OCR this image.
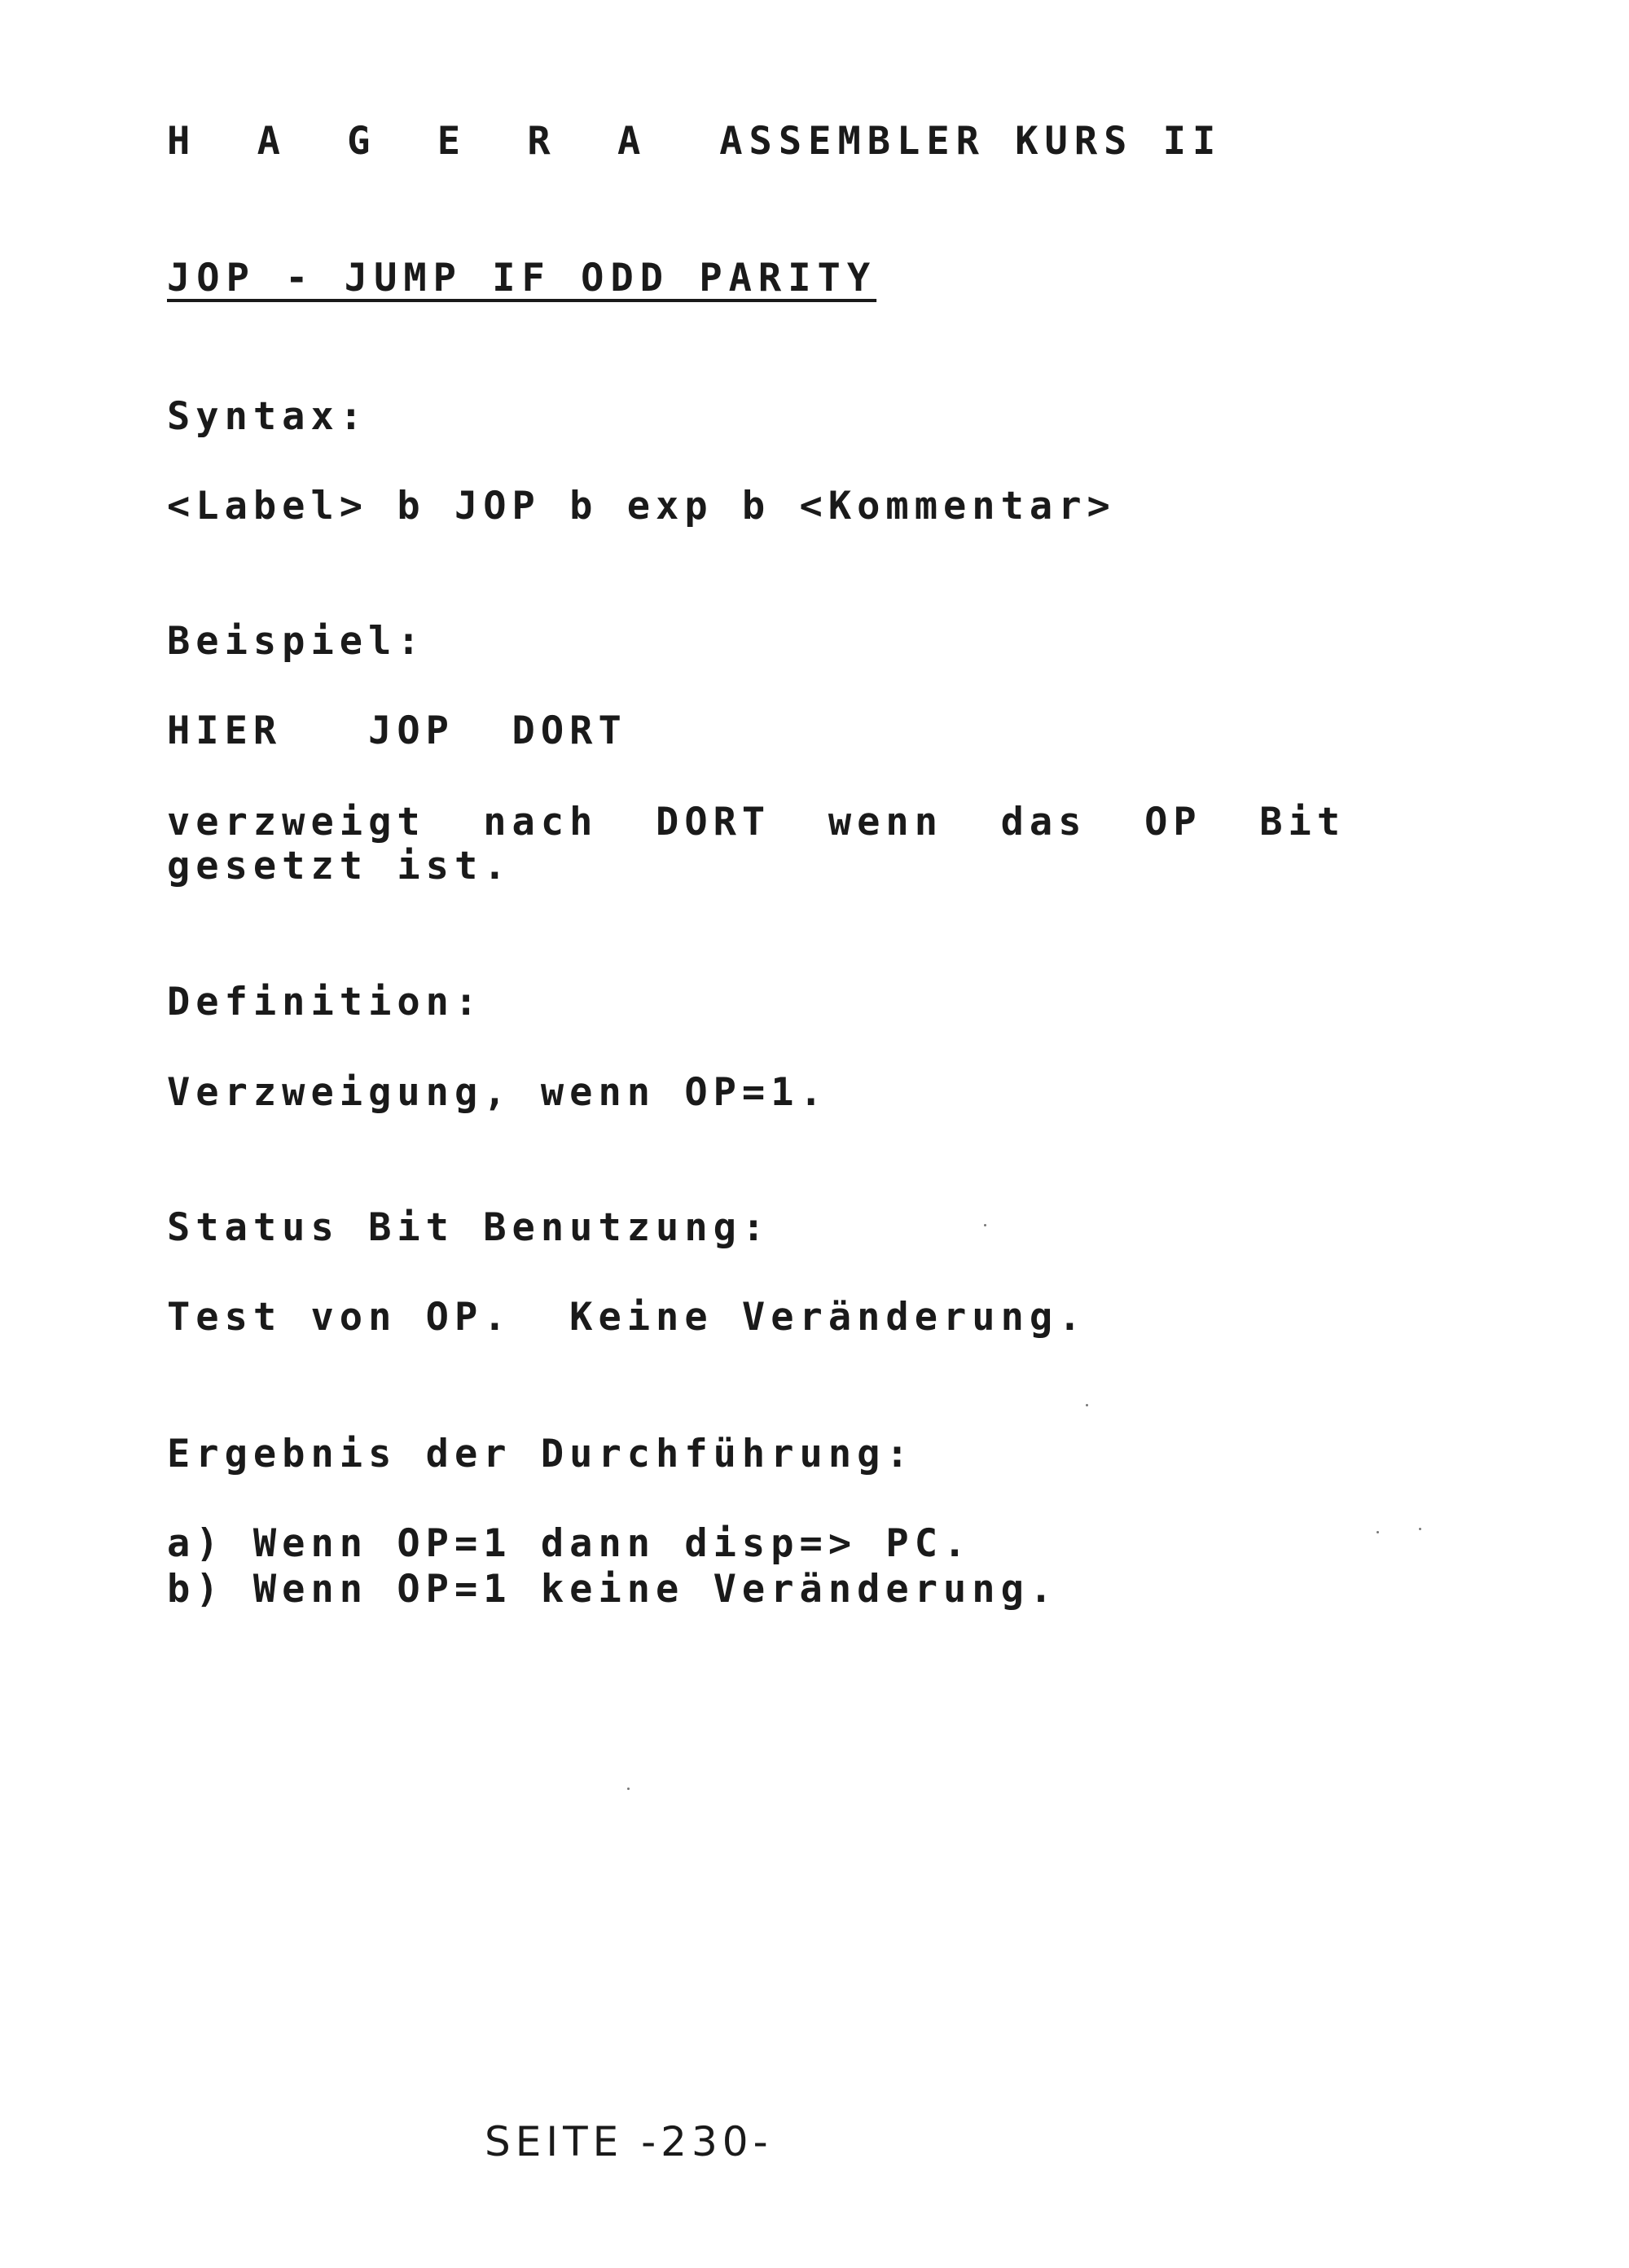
H A G E R A ASSEMBLER KURS II
JOP - JUMP IF ODD PARITY
Syntax:
<Label> b JOP b exp b <Kommentar>
Beispiel:
HIER   JOP  DORT
verzweigt  nach  DORT  wenn  das  OP  Bit
gesetzt ist.
Definition:
Verzweigung, wenn OP=1.
Status Bit Benutzung:
Test von OP.  Keine Veränderung.
Ergebnis der Durchführung:
a) Wenn OP=1 dann disp=> PC.
b) Wenn OP=1 keine Veränderung.
SEITE -230-
